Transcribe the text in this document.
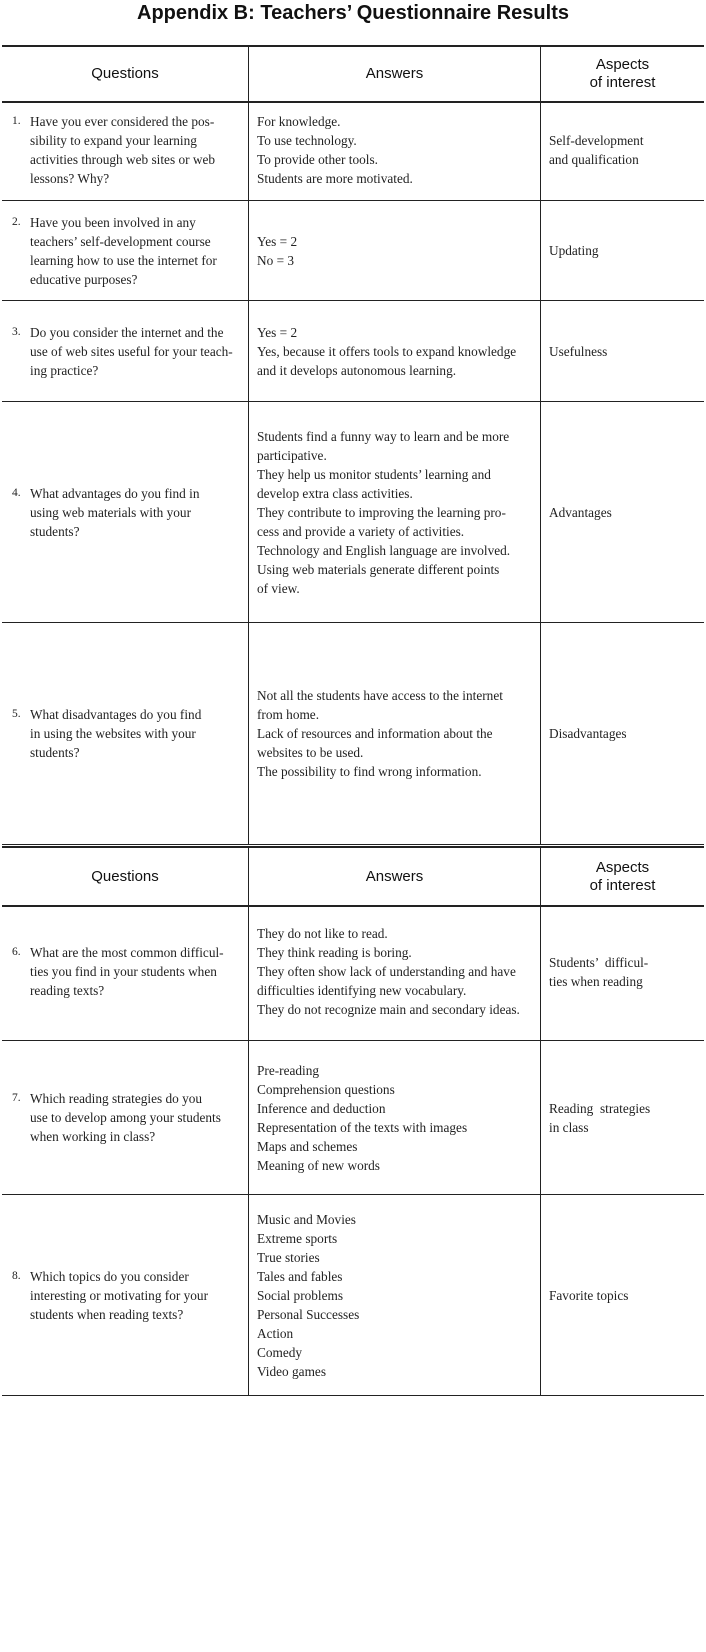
Appendix B: Teachers’ Questionnaire Results
Questions	Answers
Aspects
of interest
Questions	Answers
Aspects
of interest
1. Have you ever considered the pos-
sibility to expand your learning
activities through web sites or web
lessons? Why?
For knowledge.
To use technology.
To provide other tools.
Students are more motivated.
Self-development
and qualification
2. Have you been involved in any
teachers’ self-development course
learning how to use the internet for
educative purposes?
Yes = 2
No = 3
Updating
3. Do you consider the internet and the
use of web sites useful for your teach-
ing practice?
Yes = 2
Yes, because it offers tools to expand knowledge
and it develops autonomous learning.
Usefulness
4. What advantages do you find in
using web materials with your
students?
Students find a funny way to learn and be more
participative.
They help us monitor students’ learning and
develop extra class activities.
They contribute to improving the learning pro-
cess and provide a variety of activities.
Technology and English language are involved.
Using web materials generate different points
of view.
Advantages
5. What disadvantages do you find
in using the websites with your
students?
Not all the students have access to the internet
from home.
Lack of resources and information about the
websites to be used.
The possibility to find wrong information.
Disadvantages
6. What are the most common difficul-
ties you find in your students when
reading texts?
They do not like to read.
They think reading is boring.
They often show lack of understanding and have
difficulties identifying new vocabulary.
They do not recognize main and secondary ideas.
Students’  difficul-
ties when reading
7. Which reading strategies do you
use to develop among your students
when working in class?
Pre-reading
Comprehension questions
Inference and deduction
Representation of the texts with images
Maps and schemes
Meaning of new words
Reading  strategies
in class
8. Which topics do you consider
interesting or motivating for your
students when reading texts?
Music and Movies
Extreme sports
True stories
Tales and fables
Social problems
Personal Successes
Action
Comedy
Video games
Favorite topics
